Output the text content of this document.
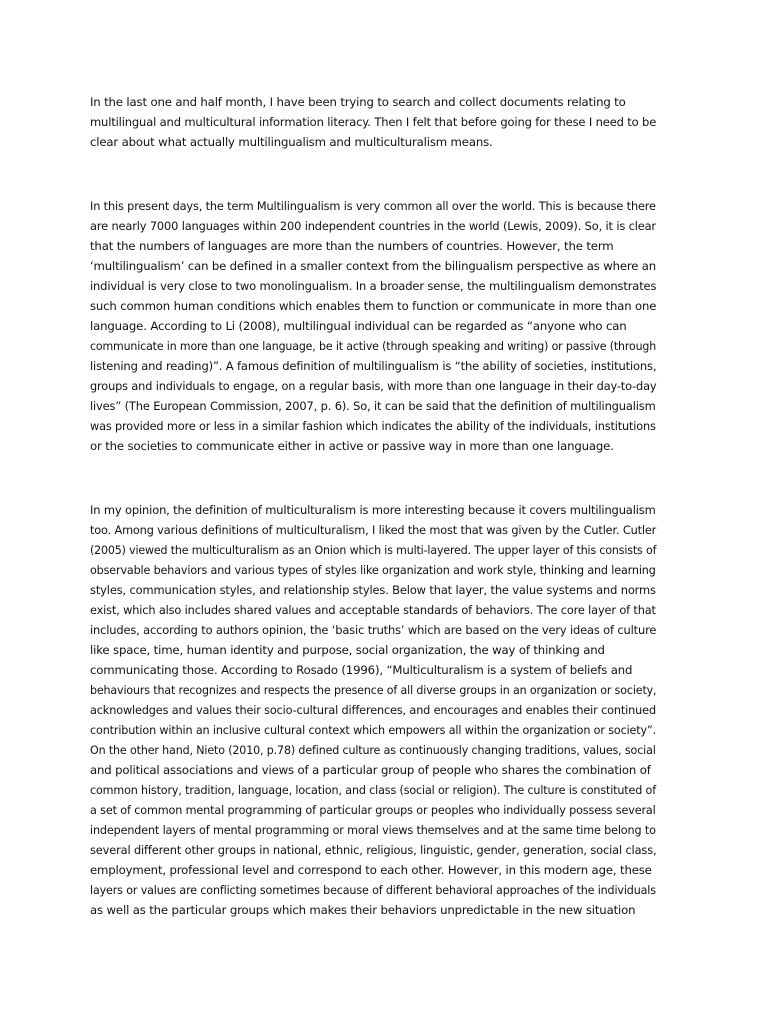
In the last one and half month, I have been trying to search and collect documents relating to

multilingual and multicultural information literacy. Then I felt that before going for these I need to be

clear about what actually multilingualism and multiculturalism means.

In this present days, the term Multilingualism is very common all over the world. This is because there

are nearly 7000 languages within 200 independent countries in the world (Lewis, 2009). So, it is clear

that the numbers of languages are more than the numbers of countries. However, the term

‘multilingualism’ can be defined in a smaller context from the bilingualism perspective as where an

individual is very close to two monolingualism. In a broader sense, the multilingualism demonstrates

such common human conditions which enables them to function or communicate in more than one

language. According to Li (2008), multilingual individual can be regarded as “anyone who can

communicate in more than one language, be it active (through speaking and writing) or passive (through

listening and reading)”. A famous definition of multilingualism is “the ability of societies, institutions,

groups and individuals to engage, on a regular basis, with more than one language in their day-to-day

lives” (The European Commission, 2007, p. 6). So, it can be said that the definition of multilingualism

was provided more or less in a similar fashion which indicates the ability of the individuals, institutions

or the societies to communicate either in active or passive way in more than one language.

In my opinion, the definition of multiculturalism is more interesting because it covers multilingualism

too. Among various definitions of multiculturalism, I liked the most that was given by the Cutler. Cutler

(2005) viewed the multiculturalism as an Onion which is multi-layered. The upper layer of this consists of

observable behaviors and various types of styles like organization and work style, thinking and learning

styles, communication styles, and relationship styles. Below that layer, the value systems and norms

exist, which also includes shared values and acceptable standards of behaviors. The core layer of that

includes, according to authors opinion, the ‘basic truths’ which are based on the very ideas of culture

like space, time, human identity and purpose, social organization, the way of thinking and

communicating those. According to Rosado (1996), “Multiculturalism is a system of beliefs and

behaviours that recognizes and respects the presence of all diverse groups in an organization or society,

acknowledges and values their socio-cultural differences, and encourages and enables their continued

contribution within an inclusive cultural context which empowers all within the organization or society”.

On the other hand, Nieto (2010, p.78) defined culture as continuously changing traditions, values, social

and political associations and views of a particular group of people who shares the combination of

common history, tradition, language, location, and class (social or religion). The culture is constituted of

a set of common mental programming of particular groups or peoples who individually possess several

independent layers of mental programming or moral views themselves and at the same time belong to

several different other groups in national, ethnic, religious, linguistic, gender, generation, social class,

employment, professional level and correspond to each other. However, in this modern age, these

layers or values are conflicting sometimes because of different behavioral approaches of the individuals

as well as the particular groups which makes their behaviors unpredictable in the new situation
